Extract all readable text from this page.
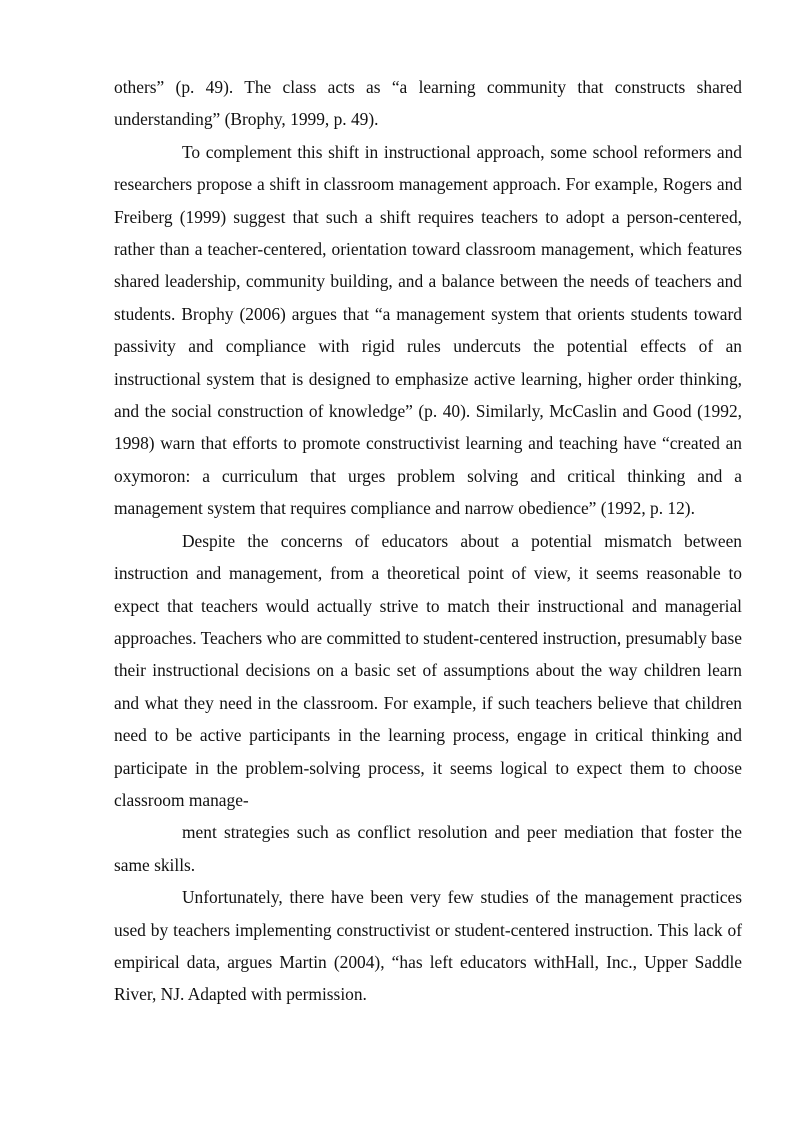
others” (p. 49). The class acts as “a learning community that constructs shared understanding” (Brophy, 1999, p. 49).

To complement this shift in instructional approach, some school reformers and researchers propose a shift in classroom management approach. For example, Rogers and Freiberg (1999) suggest that such a shift requires teachers to adopt a person-centered, rather than a teacher-centered, orientation toward classroom management, which features shared leadership, community building, and a balance between the needs of teachers and students. Brophy (2006) argues that “a management system that orients students toward passivity and compliance with rigid rules undercuts the potential effects of an instructional system that is designed to emphasize active learning, higher order thinking, and the social construction of knowledge” (p. 40). Similarly, McCaslin and Good (1992, 1998) warn that efforts to promote constructivist learning and teaching have “created an oxymoron: a curriculum that urges problem solving and critical thinking and a management system that requires compliance and narrow obedience” (1992, p. 12).

Despite the concerns of educators about a potential mismatch between instruction and management, from a theoretical point of view, it seems reasonable to expect that teachers would actually strive to match their instructional and managerial approaches. Teachers who are committed to student-centered instruction, presumably base their instructional decisions on a basic set of assumptions about the way children learn and what they need in the classroom. For example, if such teachers believe that children need to be active participants in the learning process, engage in critical thinking and participate in the problem-solving process, it seems logical to expect them to choose classroom manage-

ment strategies such as conflict resolution and peer mediation that foster the same skills.

Unfortunately, there have been very few studies of the management practices used by teachers implementing constructivist or student-centered instruction. This lack of empirical data, argues Martin (2004), “has left educators withHall, Inc., Upper Saddle River, NJ. Adapted with permission.
